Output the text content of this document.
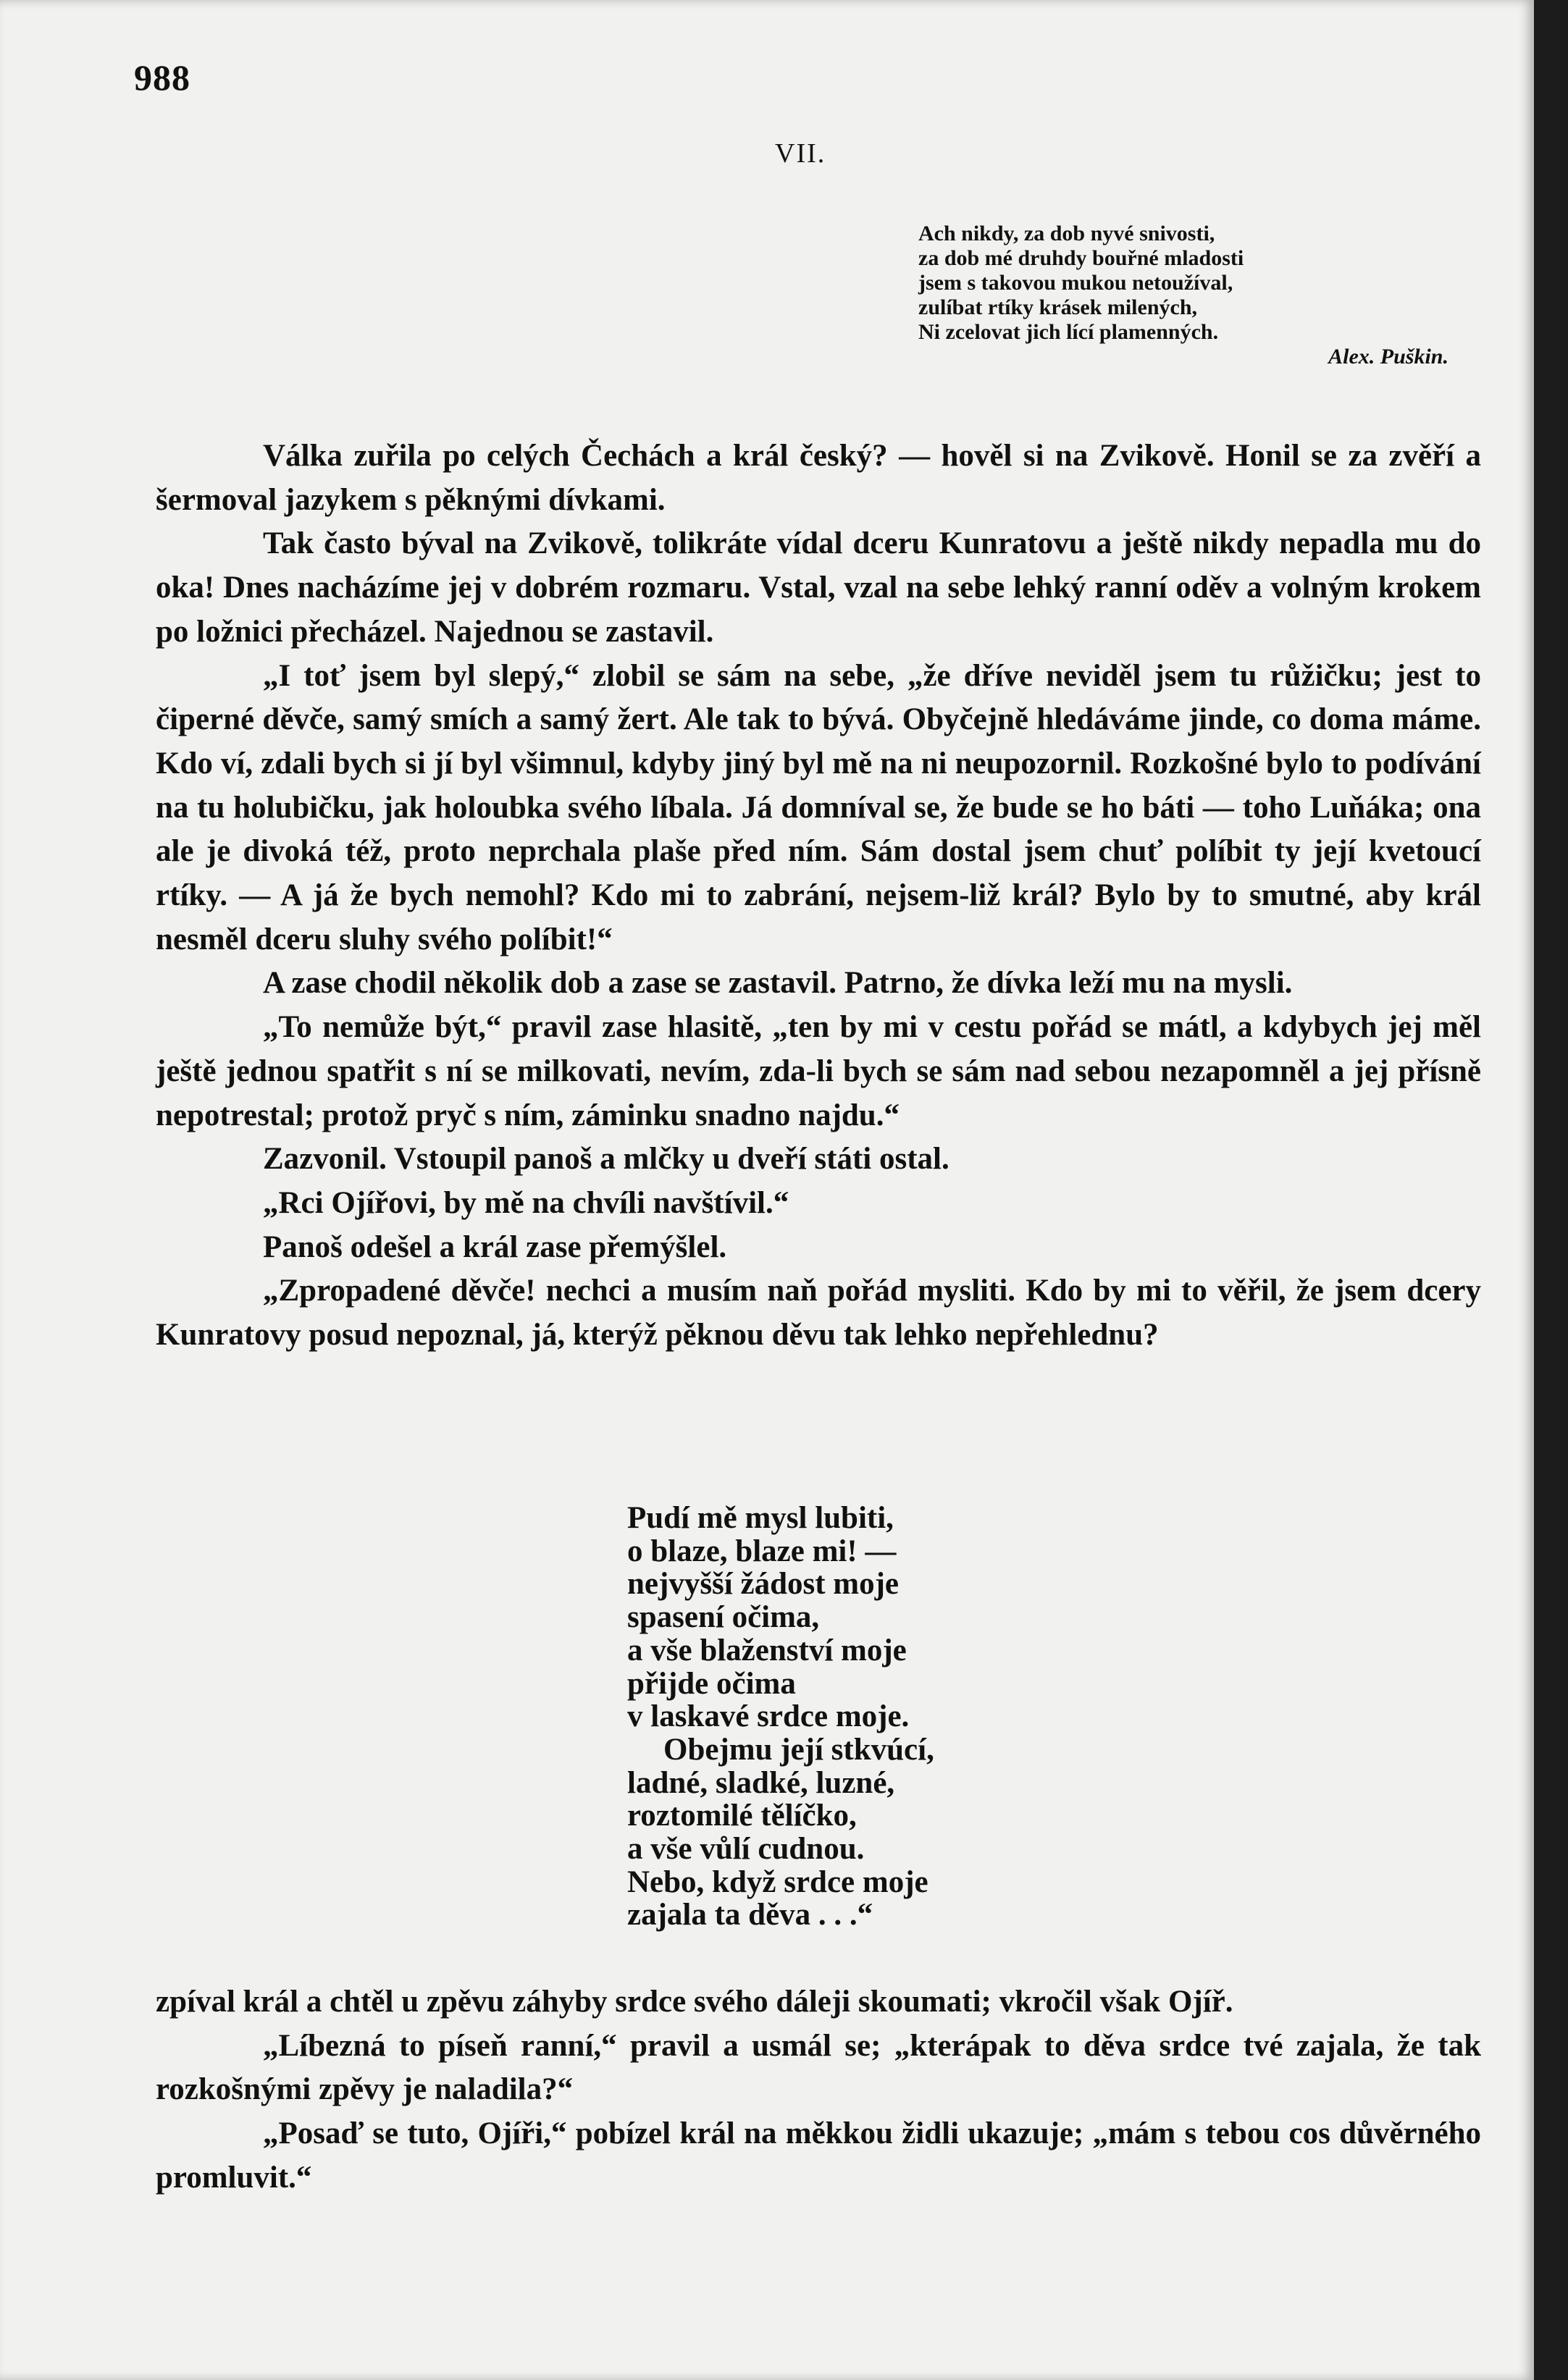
988
VII.
Ach nikdy, za dob nyvé snivosti,
za dob mé druhdy bouřné mladosti
jsem s takovou mukou netoužíval,
zulíbat rtíky krásek milených,
Ni zcelovat jich lící plamenných.
Alex. Puškin.

Válka zuřila po celých Čechách a král český? — hověl si na Zvikově. Honil se za zvěří a šermoval jazykem s pěknými dívkami.

Tak často býval na Zvikově, tolikráte vídal dceru Kunratovu a ještě nikdy nepadla mu do oka! Dnes nacházíme jej v dobrém rozmaru. Vstal, vzal na sebe lehký ranní oděv a volným krokem po ložnici přecházel. Najednou se zastavil.

„I toť jsem byl slepý,“ zlobil se sám na sebe, „že dříve neviděl jsem tu růžičku; jest to čiperné děvče, samý smích a samý žert. Ale tak to bývá. Obyčejně hledáváme jinde, co doma máme. Kdo ví, zdali bych si jí byl všimnul, kdyby jiný byl mě na ni neupozornil. Rozkošné bylo to podívání na tu holubičku, jak holoubka svého líbala. Já domníval se, že bude se ho báti — toho Luňáka; ona ale je divoká též, proto neprchala plaše před ním. Sám dostal jsem chuť políbit ty její kvetoucí rtíky. — A já že bych nemohl? Kdo mi to zabrání, nejsem-liž král? Bylo by to smutné, aby král nesměl dceru sluhy svého políbit!“

A zase chodil několik dob a zase se zastavil. Patrno, že dívka leží mu na mysli.

„To nemůže být,“ pravil zase hlasitě, „ten by mi v cestu pořád se mátl, a kdybych jej měl ještě jednou spatřit s ní se milkovati, nevím, zda-li bych se sám nad sebou nezapomněl a jej přísně nepotrestal; protož pryč s ním, záminku snadno najdu.“

Zazvonil. Vstoupil panoš a mlčky u dveří státi ostal.

„Rci Ojířovi, by mě na chvíli navštívil.“

Panoš odešel a král zase přemýšlel.

„Zpropadené děvče! nechci a musím naň pořád mysliti. Kdo by mi to věřil, že jsem dcery Kunratovy posud nepoznal, já, kterýž pěknou děvu tak lehko nepřehlednu?

Pudí mě mysl lubiti,
o blaze, blaze mi! —
nejvyšší žádost moje
spasení očima,
a vše blaženství moje
přijde očima
v laskavé srdce moje.
Obejmu její stkvúcí,
ladné, sladké, luzné,
roztomilé tělíčko,
a vše vůlí cudnou.
Nebo, když srdce moje
zajala ta děva . . .“

zpíval král a chtěl u zpěvu záhyby srdce svého dáleji skoumati; vkročil však Ojíř.

„Líbezná to píseň ranní,“ pravil a usmál se; „kterápak to děva srdce tvé zajala, že tak rozkošnými zpěvy je naladila?“

„Posaď se tuto, Ojíři,“ pobízel král na měkkou židli ukazuje; „mám s tebou cos důvěrného promluvit.“
